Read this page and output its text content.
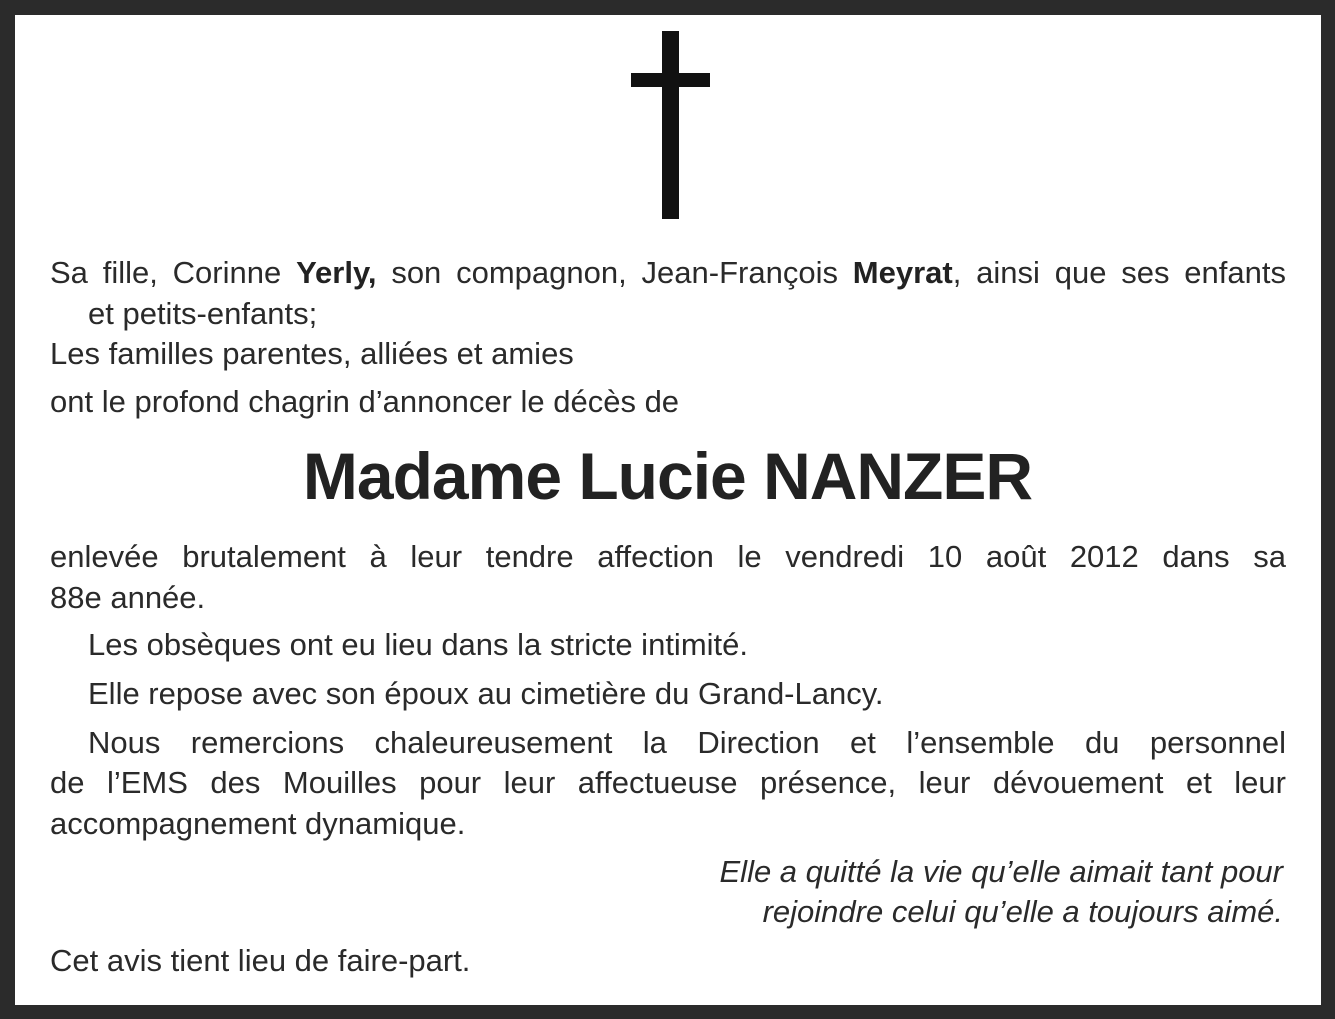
Sa fille, Corinne Yerly, son compagnon, Jean-François Meyrat, ainsi que ses enfants
et petits-enfants;
Les familles parentes, alliées et amies
ont le profond chagrin d’annoncer le décès de
Madame Lucie NANZER
enlevée brutalement à leur tendre affection le vendredi 10 août 2012 dans sa
88e année.
Les obsèques ont eu lieu dans la stricte intimité.
Elle repose avec son époux au cimetière du Grand-Lancy.
Nous remercions chaleureusement la Direction et l’ensemble du personnel
de l’EMS des Mouilles pour leur affectueuse présence, leur dévouement et leur
accompagnement dynamique.
Elle a quitté la vie qu’elle aimait tant pour
rejoindre celui qu’elle a toujours aimé.
Cet avis tient lieu de faire-part.
